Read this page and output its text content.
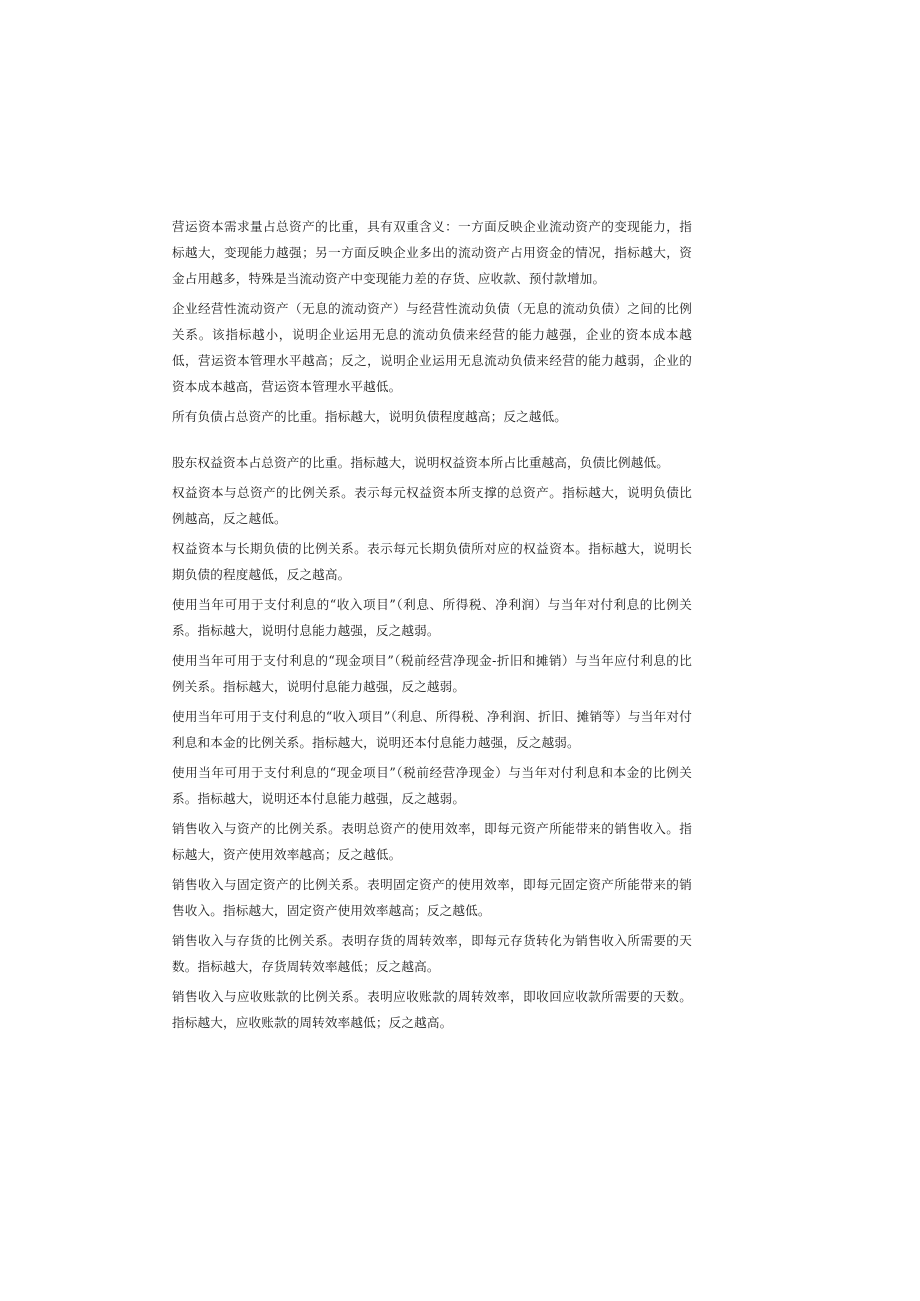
营运资本需求量占总资产的比重，具有双重含义：一方面反映企业流动资产的变现能力，指标越大，变现能力越强；另一方面反映企业多出的流动资产占用资金的情况，指标越大，资金占用越多，特殊是当流动资产中变现能力差的存货、应收款、预付款增加。

企业经营性流动资产（无息的流动资产）与经营性流动负债（无息的流动负债）之间的比例关系。该指标越小，说明企业运用无息的流动负债来经营的能力越强，企业的资本成本越低，营运资本管理水平越高；反之，说明企业运用无息流动负债来经营的能力越弱，企业的资本成本越高，营运资本管理水平越低。

所有负债占总资产的比重。指标越大，说明负债程度越高；反之越低。

股东权益资本占总资产的比重。指标越大，说明权益资本所占比重越高，负债比例越低。

权益资本与总资产的比例关系。表示每元权益资本所支撑的总资产。指标越大，说明负债比例越高，反之越低。

权益资本与长期负债的比例关系。表示每元长期负债所对应的权益资本。指标越大，说明长期负债的程度越低，反之越高。

使用当年可用于支付利息的“收入项目”（利息、所得税、净利润）与当年对付利息的比例关系。指标越大，说明付息能力越强，反之越弱。

使用当年可用于支付利息的“现金项目”（税前经营净现金-折旧和摊销）与当年应付利息的比例关系。指标越大，说明付息能力越强，反之越弱。

使用当年可用于支付利息的“收入项目”（利息、所得税、净利润、折旧、摊销等）与当年对付利息和本金的比例关系。指标越大，说明还本付息能力越强，反之越弱。

使用当年可用于支付利息的“现金项目”（税前经营净现金）与当年对付利息和本金的比例关系。指标越大，说明还本付息能力越强，反之越弱。

销售收入与资产的比例关系。表明总资产的使用效率，即每元资产所能带来的销售收入。指标越大，资产使用效率越高；反之越低。

销售收入与固定资产的比例关系。表明固定资产的使用效率，即每元固定资产所能带来的销售收入。指标越大，固定资产使用效率越高；反之越低。

销售收入与存货的比例关系。表明存货的周转效率，即每元存货转化为销售收入所需要的天数。指标越大，存货周转效率越低；反之越高。

销售收入与应收账款的比例关系。表明应收账款的周转效率，即收回应收款所需要的天数。指标越大，应收账款的周转效率越低；反之越高。
